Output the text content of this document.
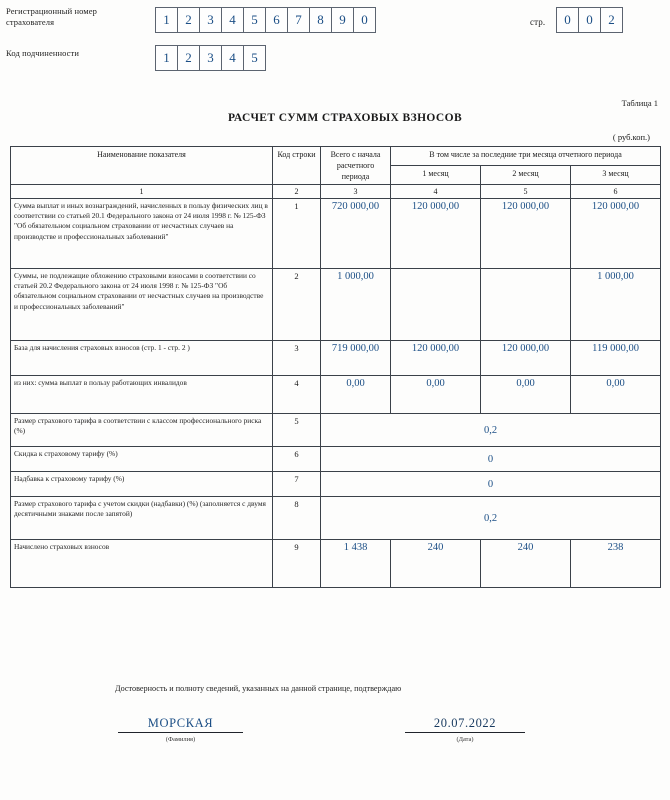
Регистрационный номер страхователя	1	2	3	4	5	6	7	8	9	0
Код подчиненности	1	2	3	4	5
стр.	0	0	2
Таблица 1
РАСЧЕТ СУММ СТРАХОВЫХ ВЗНОСОВ
( руб.коп.)
Наименование показателя	Код строки	Всего с начала расчетного периода	В том числе за последние три месяца отчетного периода		
			1 месяц	2 месяц	3 месяц
1	2	3	4	5	6
Сумма выплат и иных вознаграждений, начисленных в пользу физических лиц в соответствии со статьей 20.1 Федерального закона от 24 июля 1998 г. № 125-ФЗ "Об обязательном социальном страховании от несчастных случаев на производстве и профессиональных заболеваний"	1	720 000,00	120 000,00	120 000,00	120 000,00
Суммы, не подлежащие обложению страховыми взносами в соответствии со статьей 20.2 Федерального закона от 24 июля 1998 г. № 125-ФЗ "Об обязательном социальном страховании от несчастных случаев на производстве и профессиональных заболеваний"	2	1 000,00			1 000,00
База для начисления страховых взносов (стр. 1 - стр. 2 )	3	719 000,00	120 000,00	120 000,00	119 000,00
из них: сумма выплат в пользу работающих инвалидов	4	0,00	0,00	0,00	0,00
Размер страхового тарифа в соответствии с классом профессионального риска (%)	5	0,2			
Скидка к страховому тарифу (%)	6	0			
Надбавка к страховому тарифу (%)	7	0			
Размер страхового тарифа с учетом скидки (надбавки) (%) (заполняется с двумя десятичными знаками после запятой)	8	0,2			
Начислено страховых взносов	9	1 438	240	240	238
Достоверность и полноту сведений, указанных на данной странице, подтверждаю
МОРСКАЯ
(Фамилия)
20.07.2022
(Дата)
